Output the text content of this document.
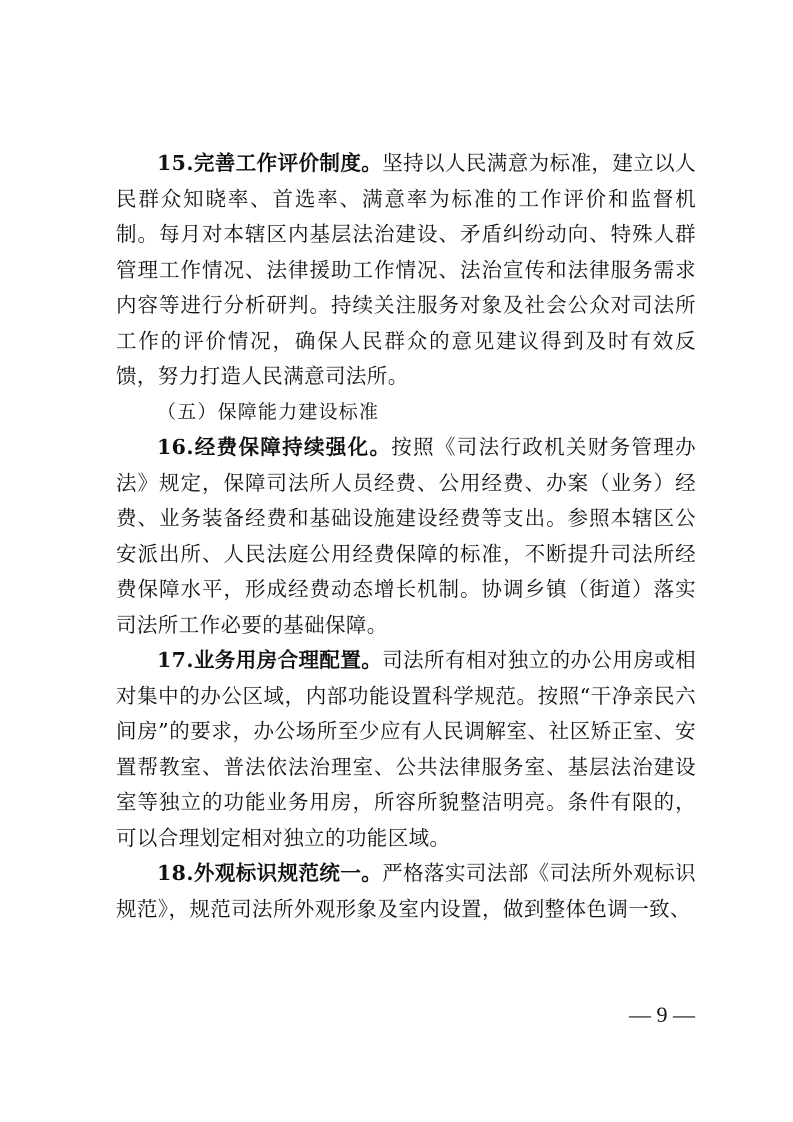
15.完善工作评价制度。坚持以人民满意为标准，建立以人民群众知晓率、首选率、满意率为标准的工作评价和监督机制。每月对本辖区内基层法治建设、矛盾纠纷动向、特殊人群管理工作情况、法律援助工作情况、法治宣传和法律服务需求内容等进行分析研判。持续关注服务对象及社会公众对司法所工作的评价情况，确保人民群众的意见建议得到及时有效反馈，努力打造人民满意司法所。

（五）保障能力建设标准

16.经费保障持续强化。按照《司法行政机关财务管理办法》规定，保障司法所人员经费、公用经费、办案（业务）经费、业务装备经费和基础设施建设经费等支出。参照本辖区公安派出所、人民法庭公用经费保障的标准，不断提升司法所经费保障水平，形成经费动态增长机制。协调乡镇（街道）落实司法所工作必要的基础保障。

17.业务用房合理配置。司法所有相对独立的办公用房或相对集中的办公区域，内部功能设置科学规范。按照“干净亲民六间房”的要求，办公场所至少应有人民调解室、社区矫正室、安置帮教室、普法依法治理室、公共法律服务室、基层法治建设室等独立的功能业务用房，所容所貌整洁明亮。条件有限的，可以合理划定相对独立的功能区域。

18.外观标识规范统一。严格落实司法部《司法所外观标识规范》，规范司法所外观形象及室内设置，做到整体色调一致、

— 9 —
